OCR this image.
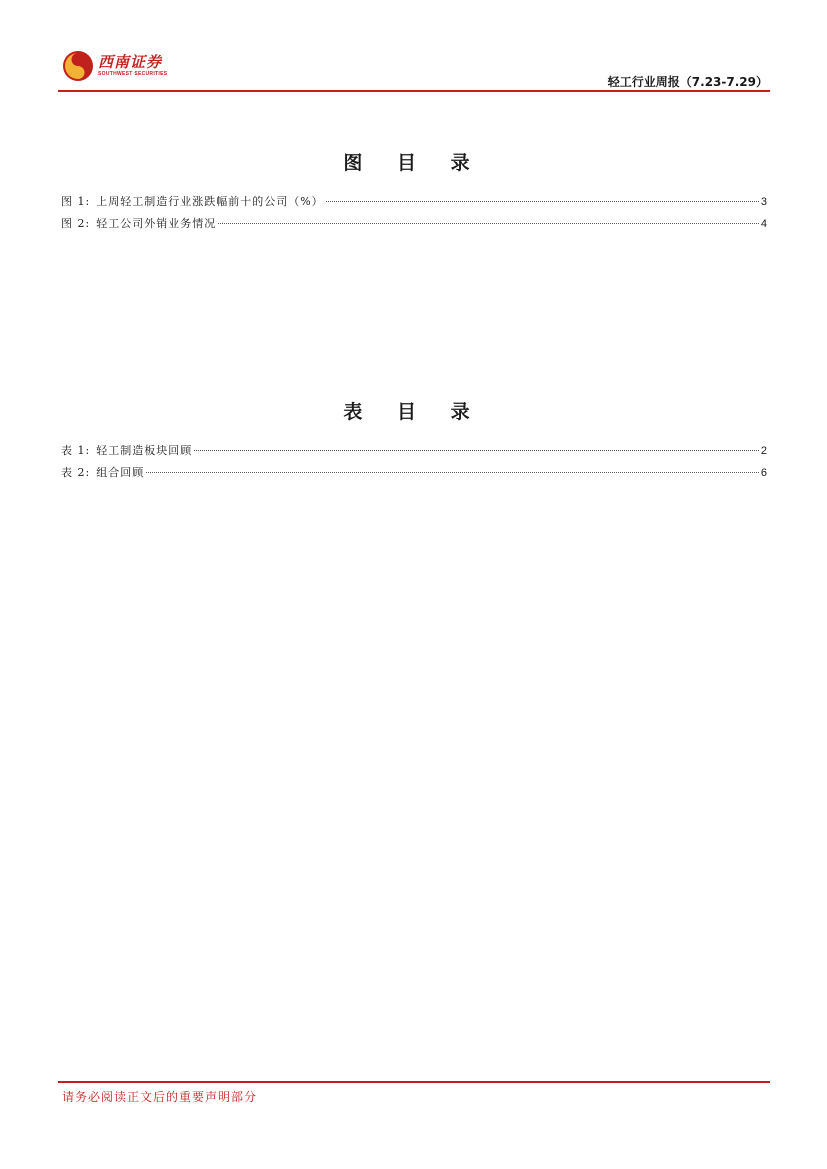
西南证券
SOUTHWEST SECURITIES
轻工行业周报（7.23-7.29）
图 目 录
图 1: 上周轻工制造行业涨跌幅前十的公司（%）	3
图 2: 轻工公司外销业务情况	4
表 目 录
表 1: 轻工制造板块回顾	2
表 2: 组合回顾	6
请务必阅读正文后的重要声明部分
